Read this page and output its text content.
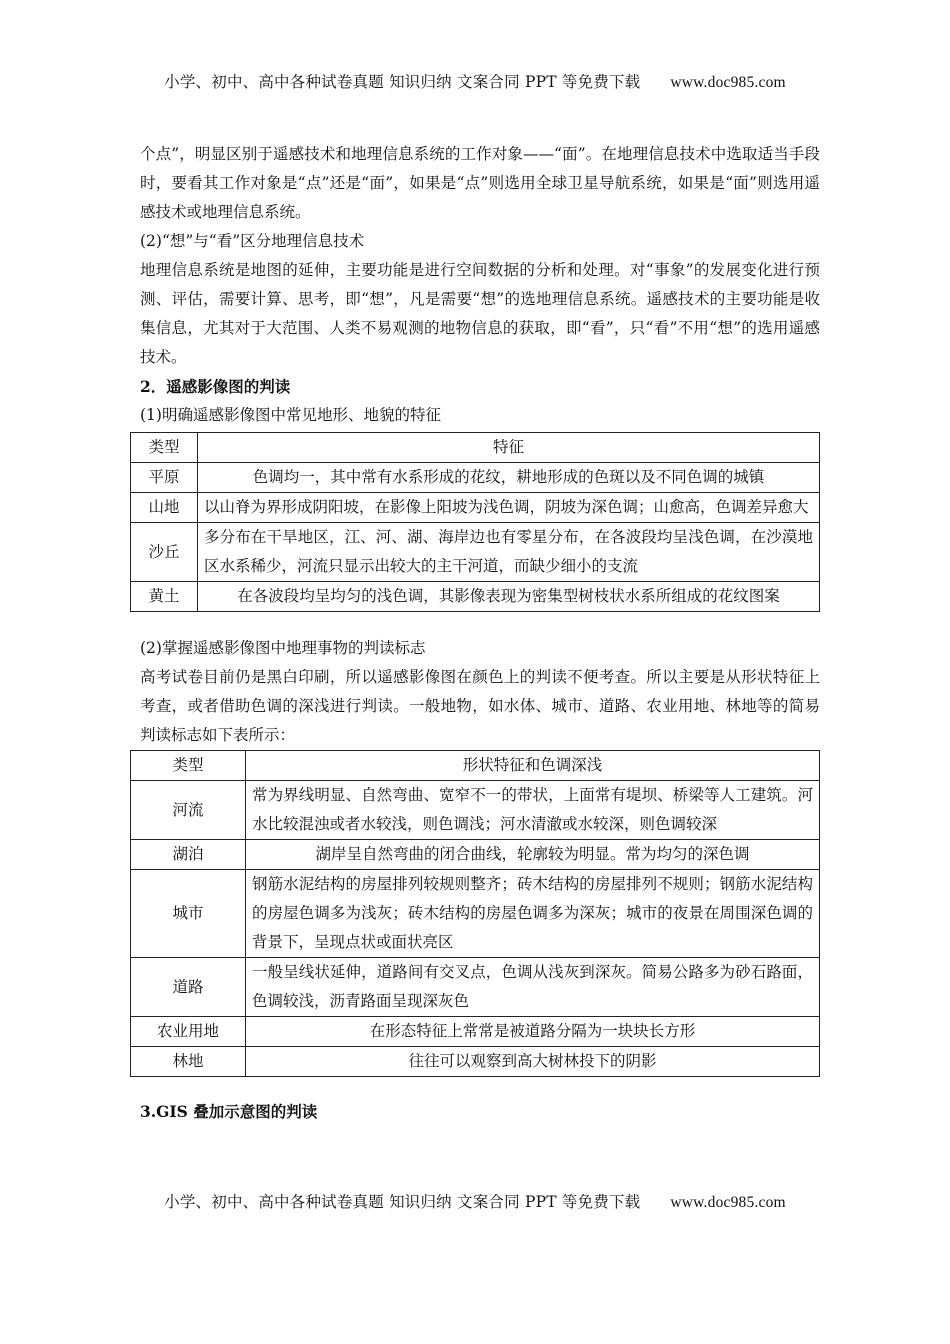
小学、初中、高中各种试卷真题 知识归纳 文案合同 PPT 等免费下载 www.doc985.com

个点”，明显区别于遥感技术和地理信息系统的工作对象——“面”。在地理信息技术中选取适当手段时，要看其工作对象是“点”还是“面”，如果是“点”则选用全球卫星导航系统，如果是“面”则选用遥感技术或地理信息系统。

(2)“想”与“看”区分地理信息技术

地理信息系统是地图的延伸，主要功能是进行空间数据的分析和处理。对“事象”的发展变化进行预测、评估，需要计算、思考，即“想”，凡是需要“想”的选地理信息系统。遥感技术的主要功能是收集信息，尤其对于大范围、人类不易观测的地物信息的获取，即“看”，只“看”不用“想”的选用遥感技术。

2．遥感影像图的判读

(1)明确遥感影像图中常见地形、地貌的特征

类型	特征
平原	色调均一，其中常有水系形成的花纹，耕地形成的色斑以及不同色调的城镇
山地	以山脊为界形成阴阳坡，在影像上阳坡为浅色调，阴坡为深色调；山愈高，色调差异愈大
沙丘	多分布在干旱地区，江、河、湖、海岸边也有零星分布，在各波段均呈浅色调，在沙漠地区水系稀少，河流只显示出较大的主干河道，而缺少细小的支流
黄土	在各波段均呈均匀的浅色调，其影像表现为密集型树枝状水系所组成的花纹图案

(2)掌握遥感影像图中地理事物的判读标志

高考试卷目前仍是黑白印刷，所以遥感影像图在颜色上的判读不便考查。所以主要是从形状特征上考查，或者借助色调的深浅进行判读。一般地物，如水体、城市、道路、农业用地、林地等的简易判读标志如下表所示：

类型	形状特征和色调深浅
河流	常为界线明显、自然弯曲、宽窄不一的带状，上面常有堤坝、桥梁等人工建筑。河水比较混浊或者水较浅，则色调浅；河水清澈或水较深，则色调较深
湖泊	湖岸呈自然弯曲的闭合曲线，轮廓较为明显。常为均匀的深色调
城市	钢筋水泥结构的房屋排列较规则整齐；砖木结构的房屋排列不规则；钢筋水泥结构的房屋色调多为浅灰；砖木结构的房屋色调多为深灰；城市的夜景在周围深色调的背景下，呈现点状或面状亮区
道路	一般呈线状延伸，道路间有交叉点，色调从浅灰到深灰。简易公路多为砂石路面，色调较浅，沥青路面呈现深灰色
农业用地	在形态特征上常常是被道路分隔为一块块长方形
林地	往往可以观察到高大树林投下的阴影

3.GIS 叠加示意图的判读

小学、初中、高中各种试卷真题 知识归纳 文案合同 PPT 等免费下载 www.doc985.com
